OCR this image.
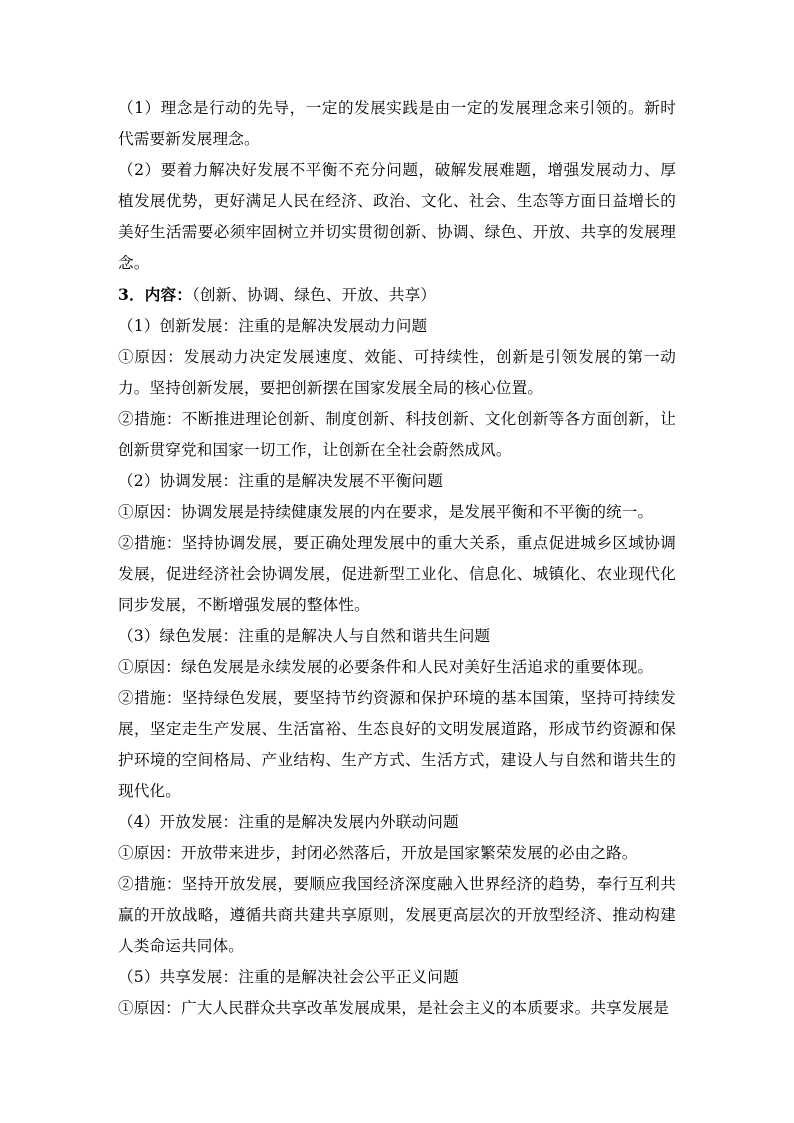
（1）理念是行动的先导，一定的发展实践是由一定的发展理念来引领的。新时代需要新发展理念。

（2）要着力解决好发展不平衡不充分问题，破解发展难题，增强发展动力、厚植发展优势，更好满足人民在经济、政治、文化、社会、生态等方面日益增长的美好生活需要必须牢固树立并切实贯彻创新、协调、绿色、开放、共享的发展理念。

3．内容：（创新、协调、绿色、开放、共享）

（1）创新发展：注重的是解决发展动力问题

①原因：发展动力决定发展速度、效能、可持续性，创新是引领发展的第一动力。坚持创新发展，要把创新摆在国家发展全局的核心位置。

②措施：不断推进理论创新、制度创新、科技创新、文化创新等各方面创新，让创新贯穿党和国家一切工作，让创新在全社会蔚然成风。

（2）协调发展：注重的是解决发展不平衡问题

①原因：协调发展是持续健康发展的内在要求，是发展平衡和不平衡的统一。

②措施：坚持协调发展，要正确处理发展中的重大关系，重点促进城乡区域协调发展，促进经济社会协调发展，促进新型工业化、信息化、城镇化、农业现代化同步发展，不断增强发展的整体性。

（3）绿色发展：注重的是解决人与自然和谐共生问题

①原因：绿色发展是永续发展的必要条件和人民对美好生活追求的重要体现。

②措施：坚持绿色发展，要坚持节约资源和保护环境的基本国策，坚持可持续发展，坚定走生产发展、生活富裕、生态良好的文明发展道路，形成节约资源和保护环境的空间格局、产业结构、生产方式、生活方式，建设人与自然和谐共生的现代化。

（4）开放发展：注重的是解决发展内外联动问题

①原因：开放带来进步，封闭必然落后，开放是国家繁荣发展的必由之路。

②措施：坚持开放发展，要顺应我国经济深度融入世界经济的趋势，奉行互利共赢的开放战略，遵循共商共建共享原则，发展更高层次的开放型经济、推动构建人类命运共同体。

（5）共享发展：注重的是解决社会公平正义问题

①原因：广大人民群众共享改革发展成果，是社会主义的本质要求。共享发展是
